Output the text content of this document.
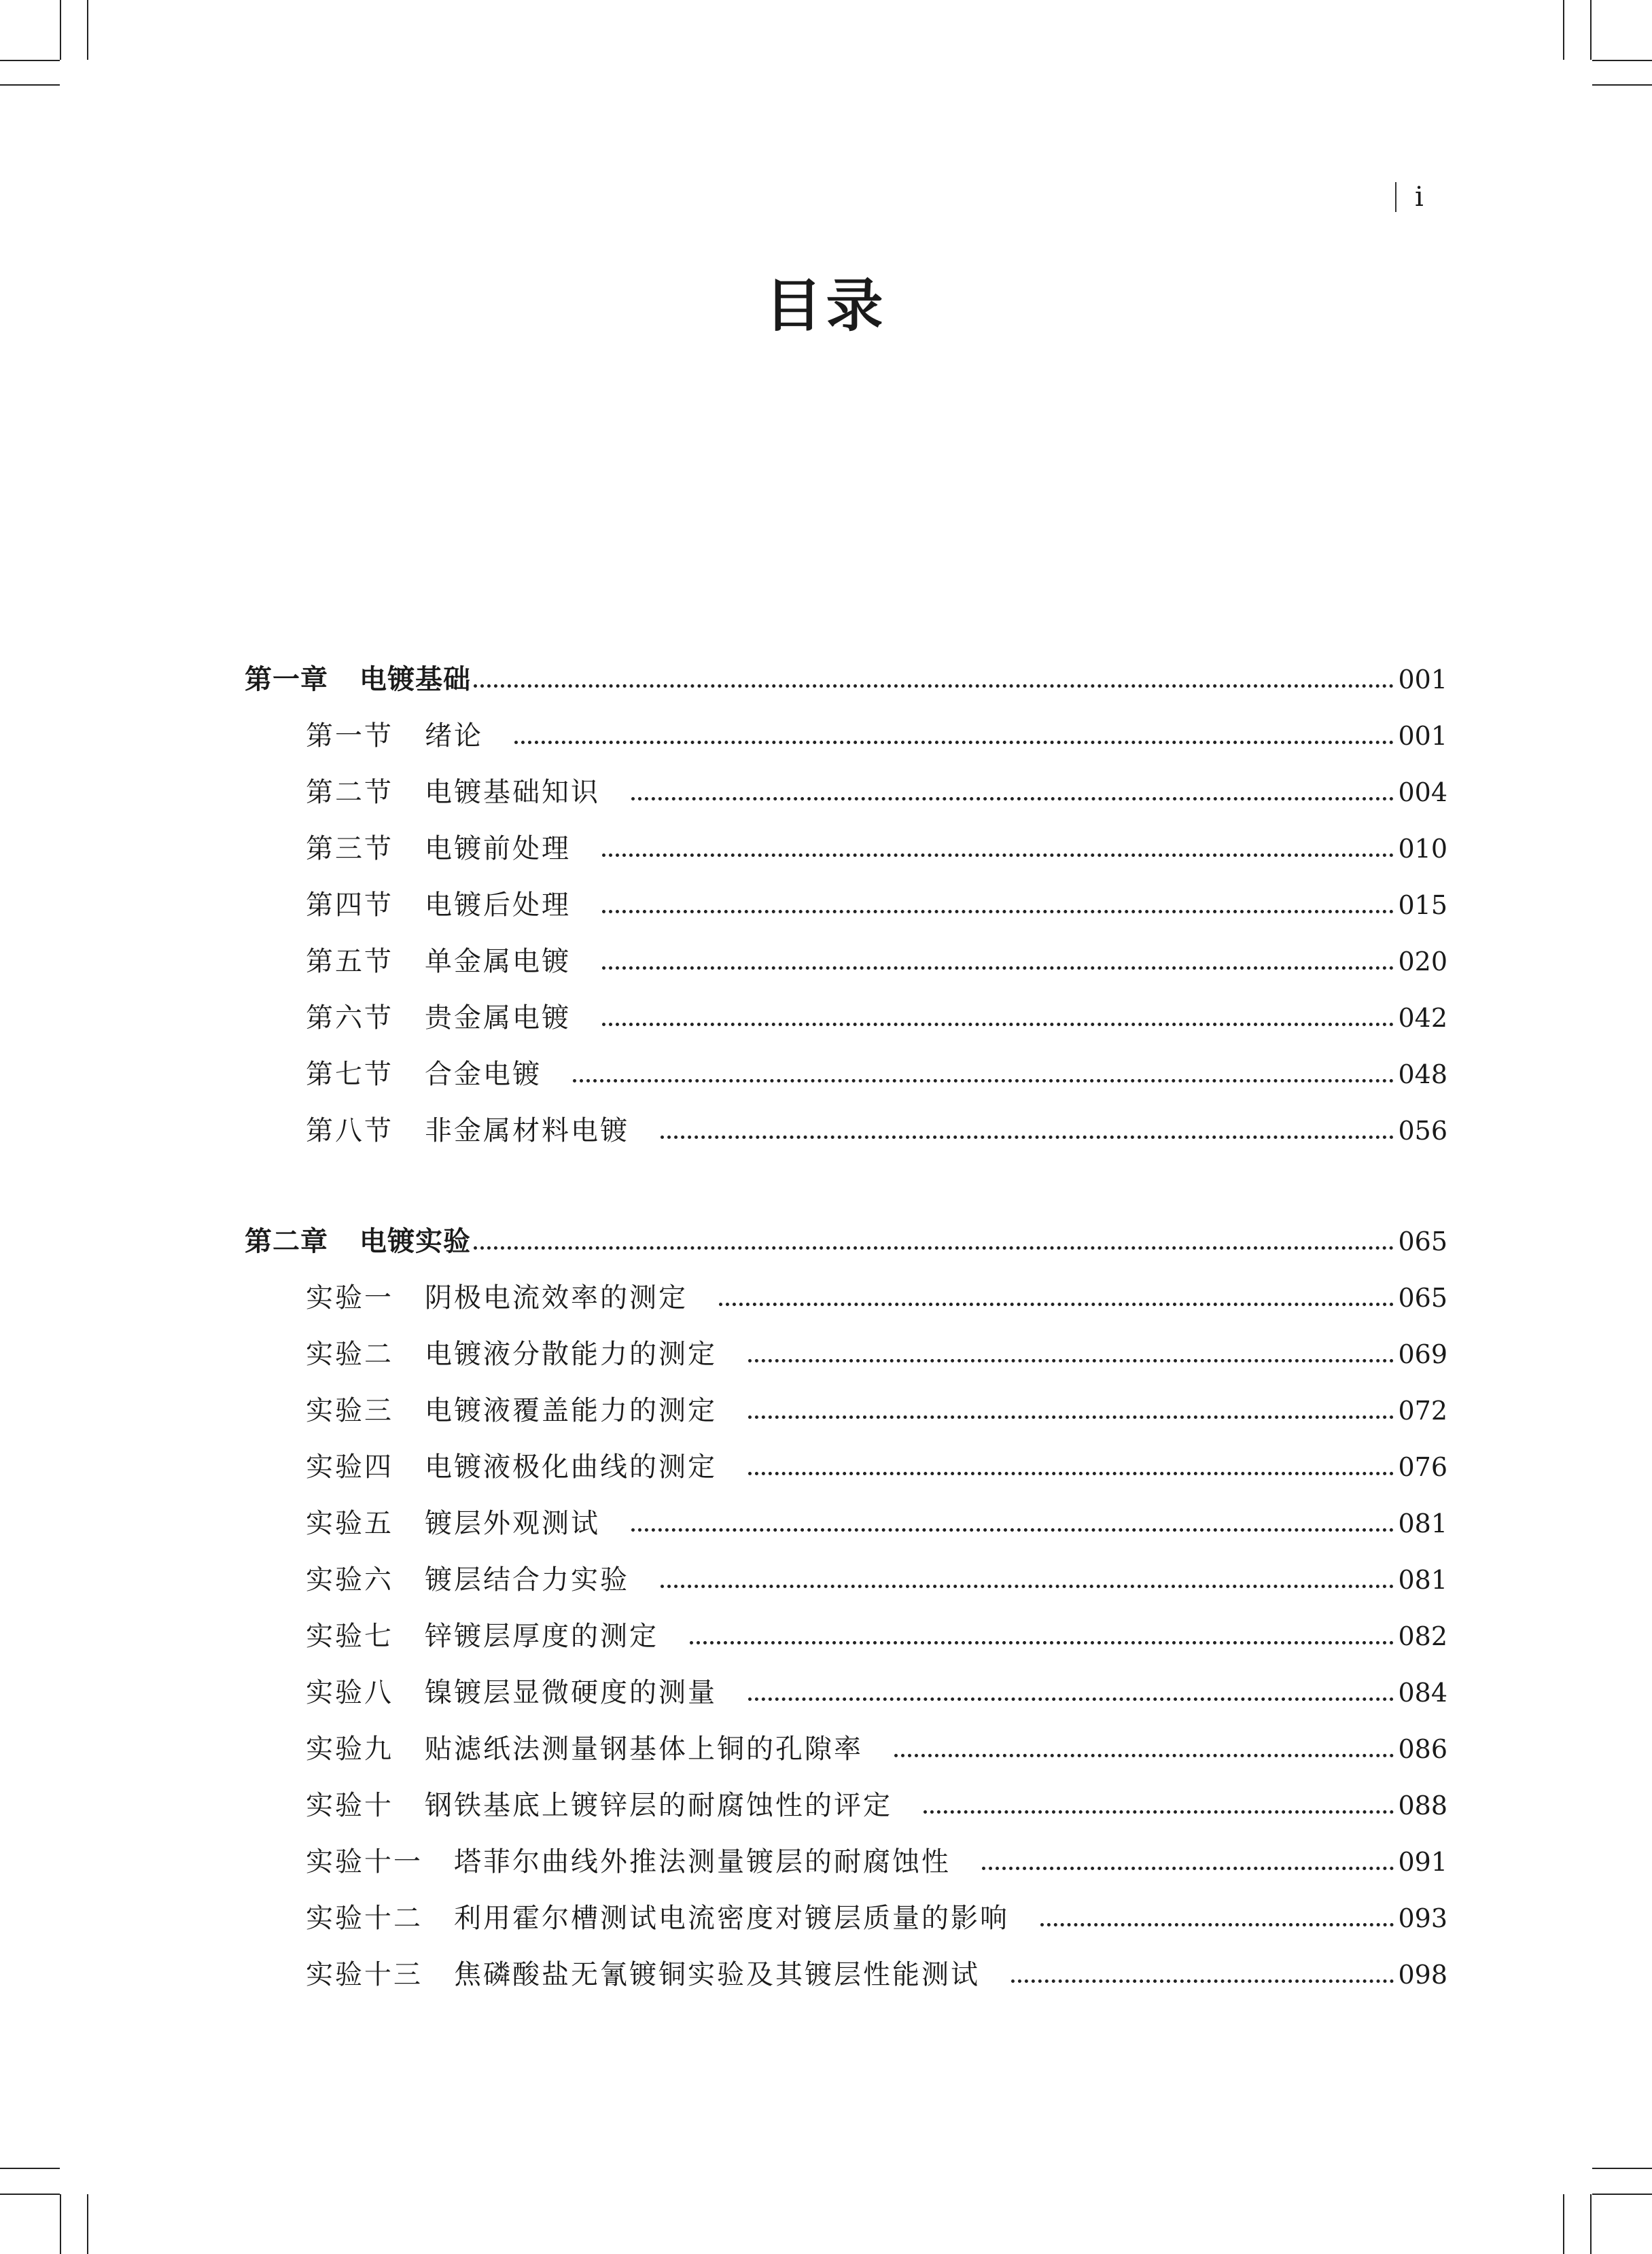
i
目录
第一章 电镀基础	001
第一节 绪论	001
第二节 电镀基础知识	004
第三节 电镀前处理	010
第四节 电镀后处理	015
第五节 单金属电镀	020
第六节 贵金属电镀	042
第七节 合金电镀	048
第八节 非金属材料电镀	056
第二章 电镀实验	065
实验一 阴极电流效率的测定	065
实验二 电镀液分散能力的测定	069
实验三 电镀液覆盖能力的测定	072
实验四 电镀液极化曲线的测定	076
实验五 镀层外观测试	081
实验六 镀层结合力实验	081
实验七 锌镀层厚度的测定	082
实验八 镍镀层显微硬度的测量	084
实验九 贴滤纸法测量钢基体上铜的孔隙率	086
实验十 钢铁基底上镀锌层的耐腐蚀性的评定	088
实验十一 塔菲尔曲线外推法测量镀层的耐腐蚀性	091
实验十二 利用霍尔槽测试电流密度对镀层质量的影响	093
实验十三 焦磷酸盐无氰镀铜实验及其镀层性能测试	098
